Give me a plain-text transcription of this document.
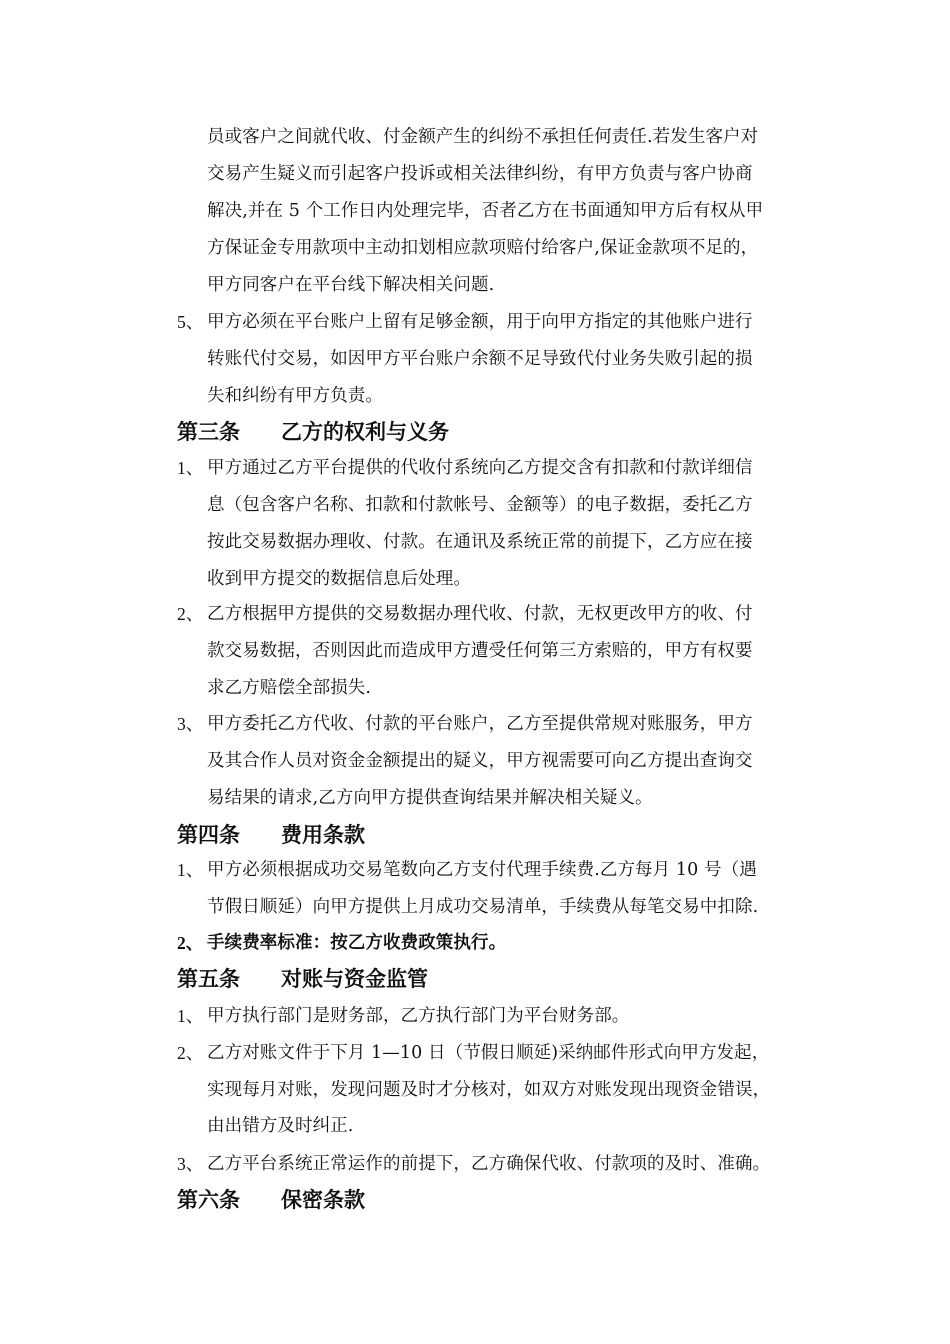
员或客户之间就代收、付金额产生的纠纷不承担任何责任.若发生客户对
交易产生疑义而引起客户投诉或相关法律纠纷，有甲方负责与客户协商
解决,并在 5 个工作日内处理完毕，否者乙方在书面通知甲方后有权从甲
方保证金专用款项中主动扣划相应款项赔付给客户,保证金款项不足的，
甲方同客户在平台线下解决相关问题.
5、 甲方必须在平台账户上留有足够金额，用于向甲方指定的其他账户进行
转账代付交易，如因甲方平台账户余额不足导致代付业务失败引起的损
失和纠纷有甲方负责。
第三条 乙方的权利与义务
1、 甲方通过乙方平台提供的代收付系统向乙方提交含有扣款和付款详细信
息（包含客户名称、扣款和付款帐号、金额等）的电子数据，委托乙方
按此交易数据办理收、付款。在通讯及系统正常的前提下，乙方应在接
收到甲方提交的数据信息后处理。
2、 乙方根据甲方提供的交易数据办理代收、付款，无权更改甲方的收、付
款交易数据，否则因此而造成甲方遭受任何第三方索赔的，甲方有权要
求乙方赔偿全部损失.
3、 甲方委托乙方代收、付款的平台账户，乙方至提供常规对账服务，甲方
及其合作人员对资金金额提出的疑义，甲方视需要可向乙方提出查询交
易结果的请求,乙方向甲方提供查询结果并解决相关疑义。
第四条 费用条款
1、 甲方必须根据成功交易笔数向乙方支付代理手续费.乙方每月 10 号（遇
节假日顺延）向甲方提供上月成功交易清单，手续费从每笔交易中扣除.
2、 手续费率标准：按乙方收费政策执行。
第五条 对账与资金监管
1、 甲方执行部门是财务部，乙方执行部门为平台财务部。
2、 乙方对账文件于下月 1—10 日（节假日顺延)采纳邮件形式向甲方发起，
实现每月对账，发现问题及时才分核对，如双方对账发现出现资金错误，
由出错方及时纠正.
3、 乙方平台系统正常运作的前提下，乙方确保代收、付款项的及时、准确。
第六条 保密条款
